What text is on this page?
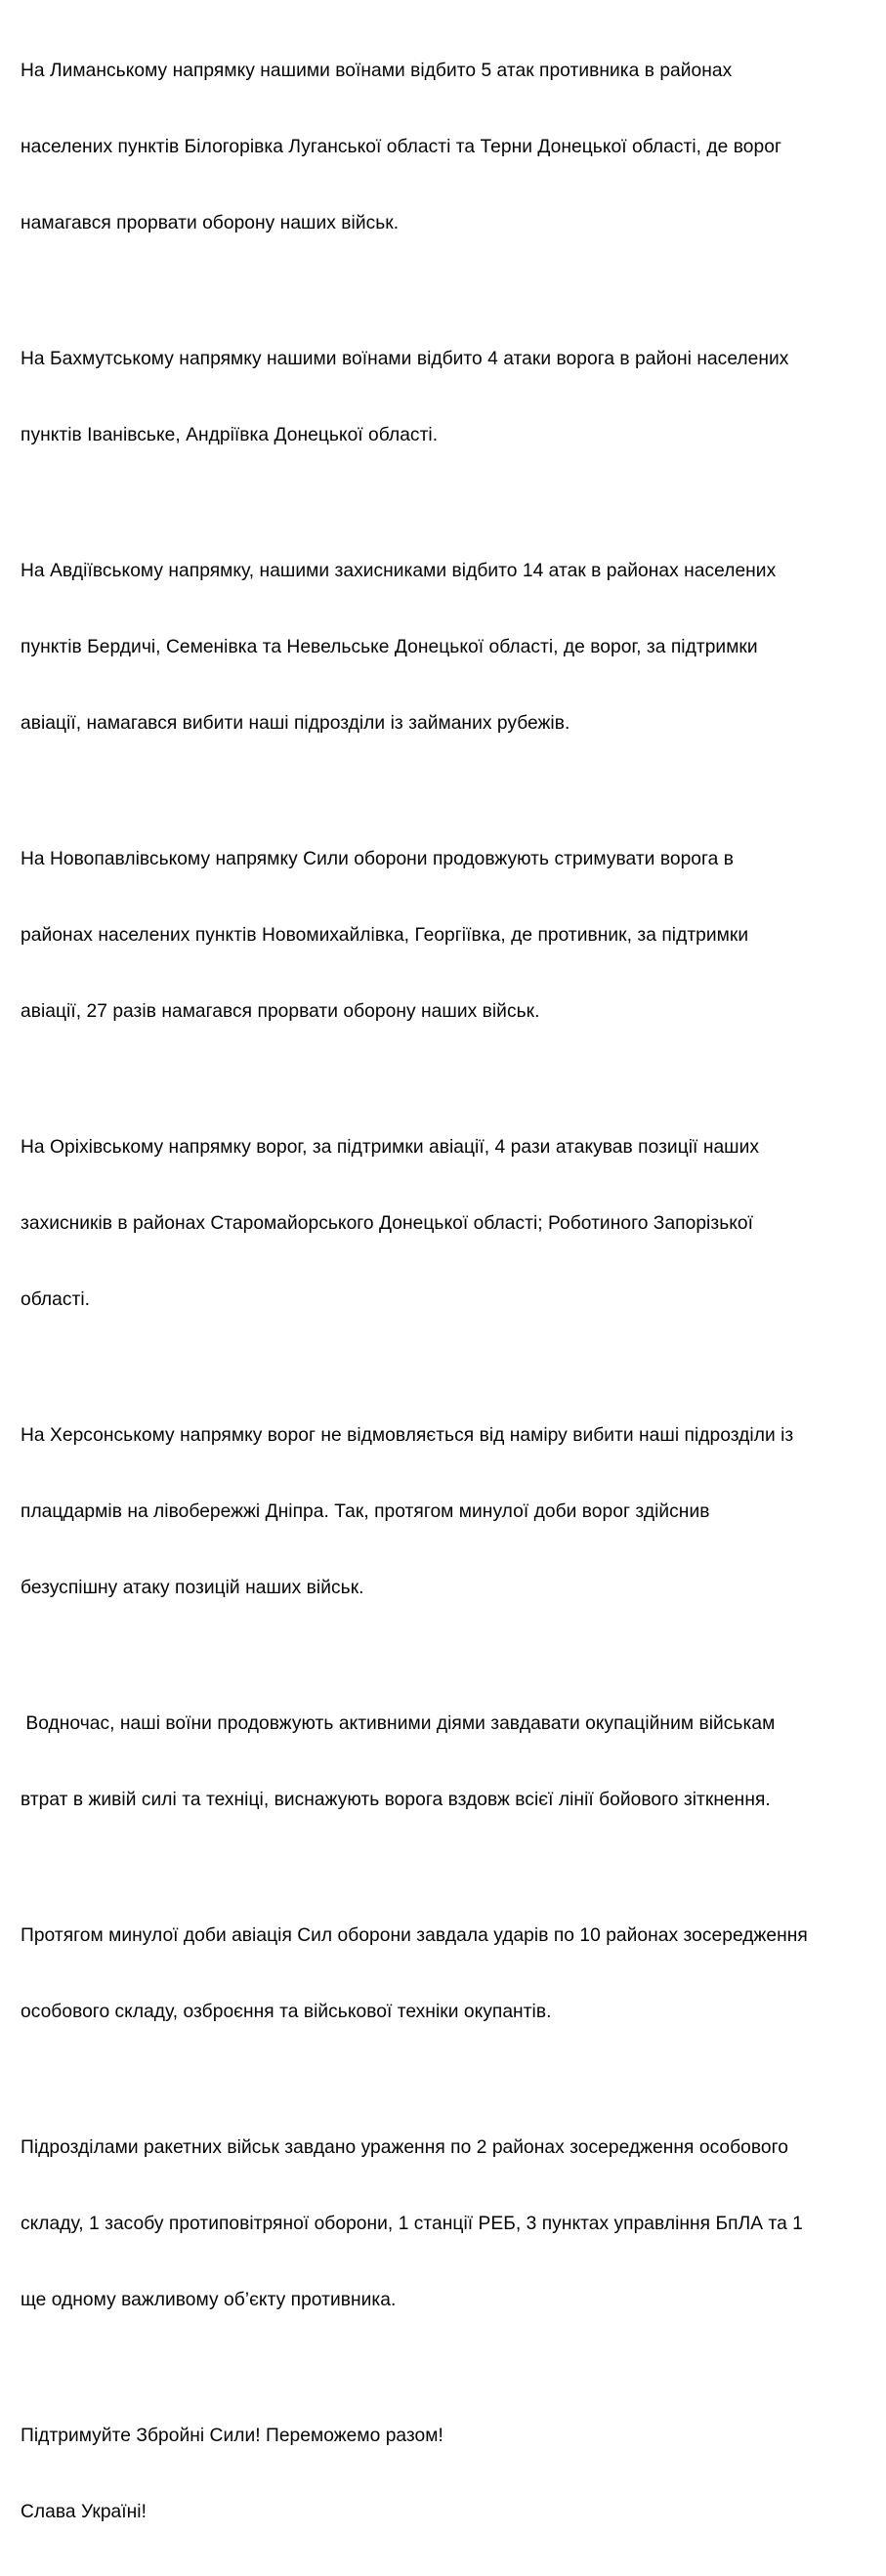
На Лиманському напрямку нашими воїнами відбито 5 атак противника в районах

населених пунктів Білогорівка Луганської області та Терни Донецької області, де ворог

намагався прорвати оборону наших військ.

На Бахмутському напрямку нашими воїнами відбито 4 атаки ворога в районі населених

пунктів Іванівське, Андріївка Донецької області.

На Авдіївському напрямку, нашими захисниками відбито 14 атак в районах населених

пунктів Бердичі, Семенівка та Невельське Донецької області, де ворог, за підтримки

авіації, намагався вибити наші підрозділи із займаних рубежів.

На Новопавлівському напрямку Сили оборони продовжують стримувати ворога в

районах населених пунктів Новомихайлівка, Георгіївка, де противник, за підтримки

авіації, 27 разів намагався прорвати оборону наших військ.

На Оріхівському напрямку ворог, за підтримки авіації, 4 рази атакував позиції наших

захисників в районах Старомайорського Донецької області; Роботиного Запорізької

області.

На Херсонському напрямку ворог не відмовляється від наміру вибити наші підрозділи із

плацдармів на лівобережжі Дніпра. Так, протягом минулої доби ворог здійснив

безуспішну атаку позицій наших військ.

Водночас, наші воїни продовжують активними діями завдавати окупаційним військам

втрат в живій силі та техніці, виснажують ворога вздовж всієї лінії бойового зіткнення.

Протягом минулої доби авіація Сил оборони завдала ударів по 10 районах зосередження

особового складу, озброєння та військової техніки окупантів.

Підрозділами ракетних військ завдано ураження по 2 районах зосередження особового

складу, 1 засобу протиповітряної оборони, 1 станції РЕБ, 3 пунктах управління БпЛА та 1

ще одному важливому об’єкту противника.

Підтримуйте Збройні Сили! Переможемо разом!

Слава Україні!
